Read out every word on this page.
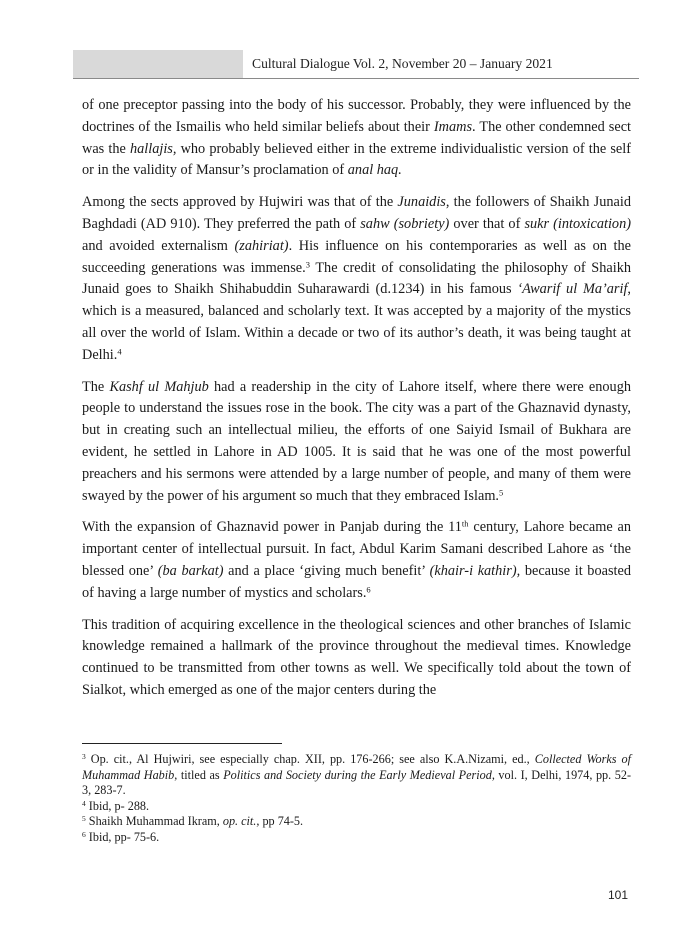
Cultural Dialogue Vol. 2, November 20 – January 2021

of one preceptor passing into the body of his successor. Probably, they were influenced by the doctrines of the Ismailis who held similar beliefs about their Imams. The other condemned sect was the hallajis, who probably believed either in the extreme individualistic version of the self or in the validity of Mansur’s proclamation of anal haq.

Among the sects approved by Hujwiri was that of the Junaidis, the followers of Shaikh Junaid Baghdadi (AD 910). They preferred the path of sahw (sobriety) over that of sukr (intoxication) and avoided externalism (zahiriat). His influence on his contemporaries as well as on the succeeding generations was immense.$^3$ The credit of consolidating the philosophy of Shaikh Junaid goes to Shaikh Shihabuddin Suharawardi (d.1234) in his famous ‘Awarif ul Ma’arif, which is a measured, balanced and scholarly text. It was accepted by a majority of the mystics all over the world of Islam. Within a decade or two of its author’s death, it was being taught at Delhi.$^4$

The Kashf ul Mahjub had a readership in the city of Lahore itself, where there were enough people to understand the issues rose in the book. The city was a part of the Ghaznavid dynasty, but in creating such an intellectual milieu, the efforts of one Saiyid Ismail of Bukhara are evident, he settled in Lahore in AD 1005. It is said that he was one of the most powerful preachers and his sermons were attended by a large number of people, and many of them were swayed by the power of his argument so much that they embraced Islam.$^5$

With the expansion of Ghaznavid power in Panjab during the 11th century, Lahore became an important center of intellectual pursuit. In fact, Abdul Karim Samani described Lahore as ‘the blessed one’ (ba barkat) and a place ‘giving much benefit’ (khair-i kathir), because it boasted of having a large number of mystics and scholars.$^6$

This tradition of acquiring excellence in the theological sciences and other branches of Islamic knowledge remained a hallmark of the province throughout the medieval times. Knowledge continued to be transmitted from other towns as well. We specifically told about the town of Sialkot, which emerged as one of the major centers during the

$^3$ Op. cit., Al Hujwiri, see especially chap. XII, pp. 176-266; see also K.A.Nizami, ed., Collected Works of Muhammad Habib, titled as Politics and Society during the Early Medieval Period, vol. I, Delhi, 1974, pp. 52-3, 283-7.

$^4$ Ibid, p- 288.

$^5$ Shaikh Muhammad Ikram, op. cit., pp 74-5.

$^6$ Ibid, pp- 75-6.

101
